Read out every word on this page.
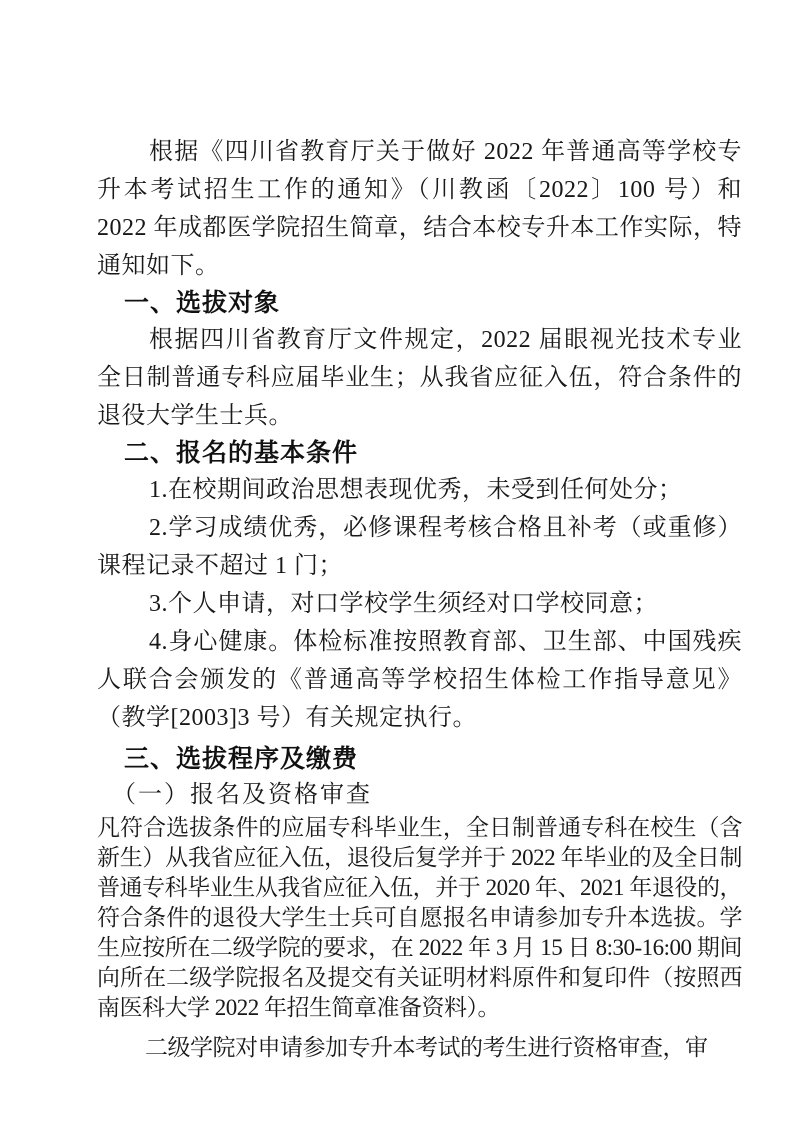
根据《四川省教育厅关于做好 2022 年普通高等学校专升本考试招生工作的通知》（川教函〔2022〕100 号）和 2022 年成都医学院招生简章，结合本校专升本工作实际，特通知如下。

一、选拔对象

根据四川省教育厅文件规定，2022 届眼视光技术专业全日制普通专科应届毕业生；从我省应征入伍，符合条件的退役大学生士兵。

二、报名的基本条件

1.在校期间政治思想表现优秀，未受到任何处分；

2.学习成绩优秀，必修课程考核合格且补考（或重修）课程记录不超过 1 门；

3.个人申请，对口学校学生须经对口学校同意；

4.身心健康。体检标准按照教育部、卫生部、中国残疾人联合会颁发的《普通高等学校招生体检工作指导意见》（教学[2003]3 号）有关规定执行。

三、选拔程序及缴费

（一）报名及资格审查

凡符合选拔条件的应届专科毕业生，全日制普通专科在校生（含新生）从我省应征入伍，退役后复学并于 2022 年毕业的及全日制普通专科毕业生从我省应征入伍，并于 2020 年、2021 年退役的，符合条件的退役大学生士兵可自愿报名申请参加专升本选拔。学生应按所在二级学院的要求，在 2022 年 3 月 15 日 8:30-16:00 期间向所在二级学院报名及提交有关证明材料原件和复印件（按照西南医科大学 2022 年招生简章准备资料）。

二级学院对申请参加专升本考试的考生进行资格审查，审
